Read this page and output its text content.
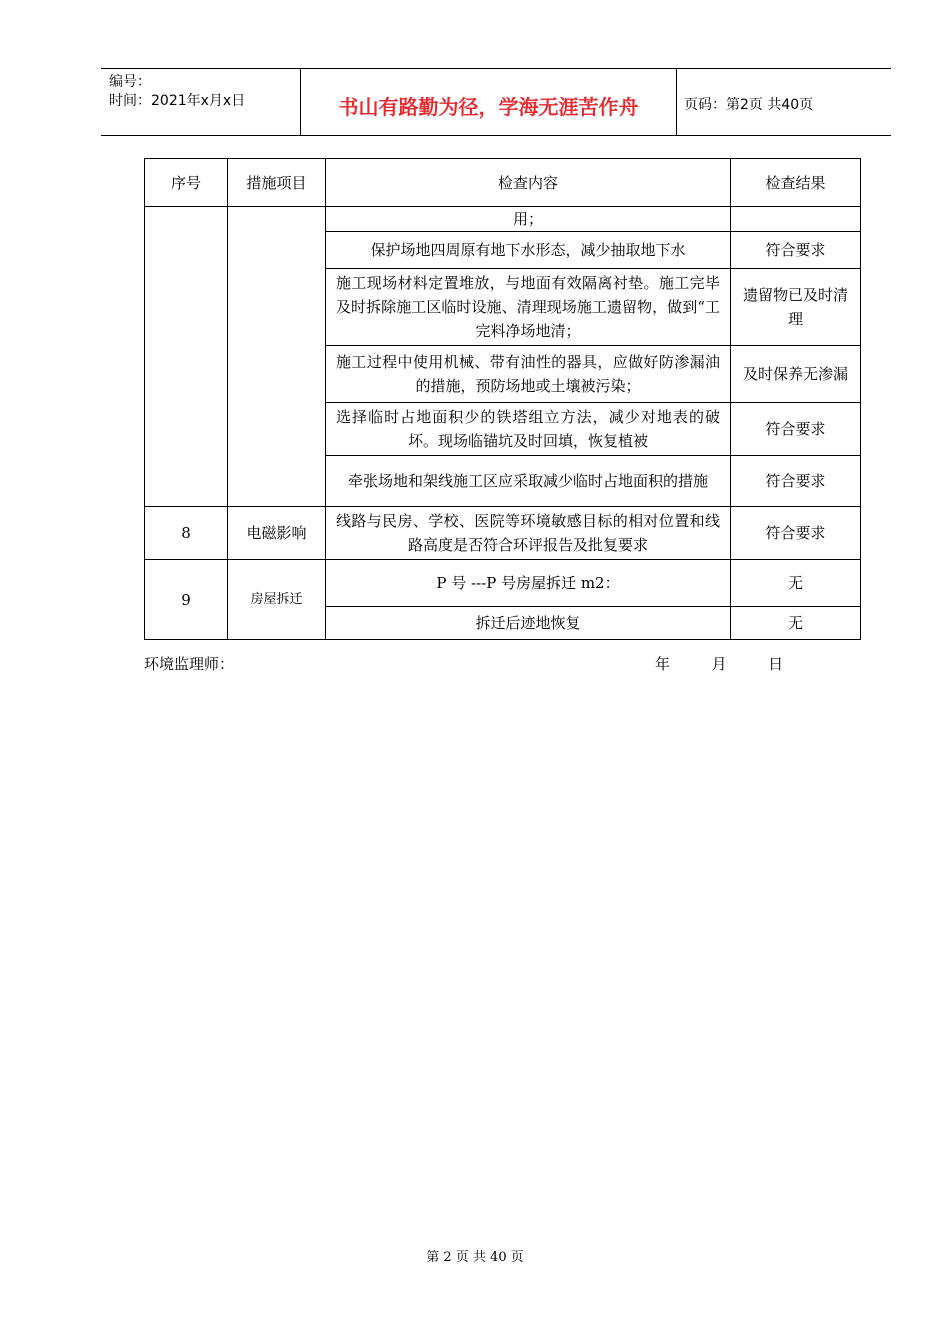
编号：
时间：2021年x月x日	书山有路勤为径，学海无涯苦作舟	页码：第2页 共40页
序号	措施项目	检查内容	检查结果
		用；	
		保护场地四周原有地下水形态，减少抽取地下水	符合要求
		施工现场材料定置堆放，与地面有效隔离衬垫。施工完毕及时拆除施工区临时设施、清理现场施工遗留物，做到“工完料净场地清；	遗留物已及时清理
		施工过程中使用机械、带有油性的器具，应做好防渗漏油的措施，预防场地或土壤被污染；	及时保养无渗漏
		选择临时占地面积少的铁塔组立方法，减少对地表的破坏。现场临锚坑及时回填，恢复植被	符合要求
		牵张场地和架线施工区应采取减少临时占地面积的措施	符合要求
8	电磁影响	线路与民房、学校、医院等环境敏感目标的相对位置和线路高度是否符合环评报告及批复要求	符合要求
9	房屋拆迁	P 号 ---P 号房屋拆迁 m2：	无
		拆迁后迹地恢复	无
环境监理师：	年	月	日
第 2 页 共 40 页
